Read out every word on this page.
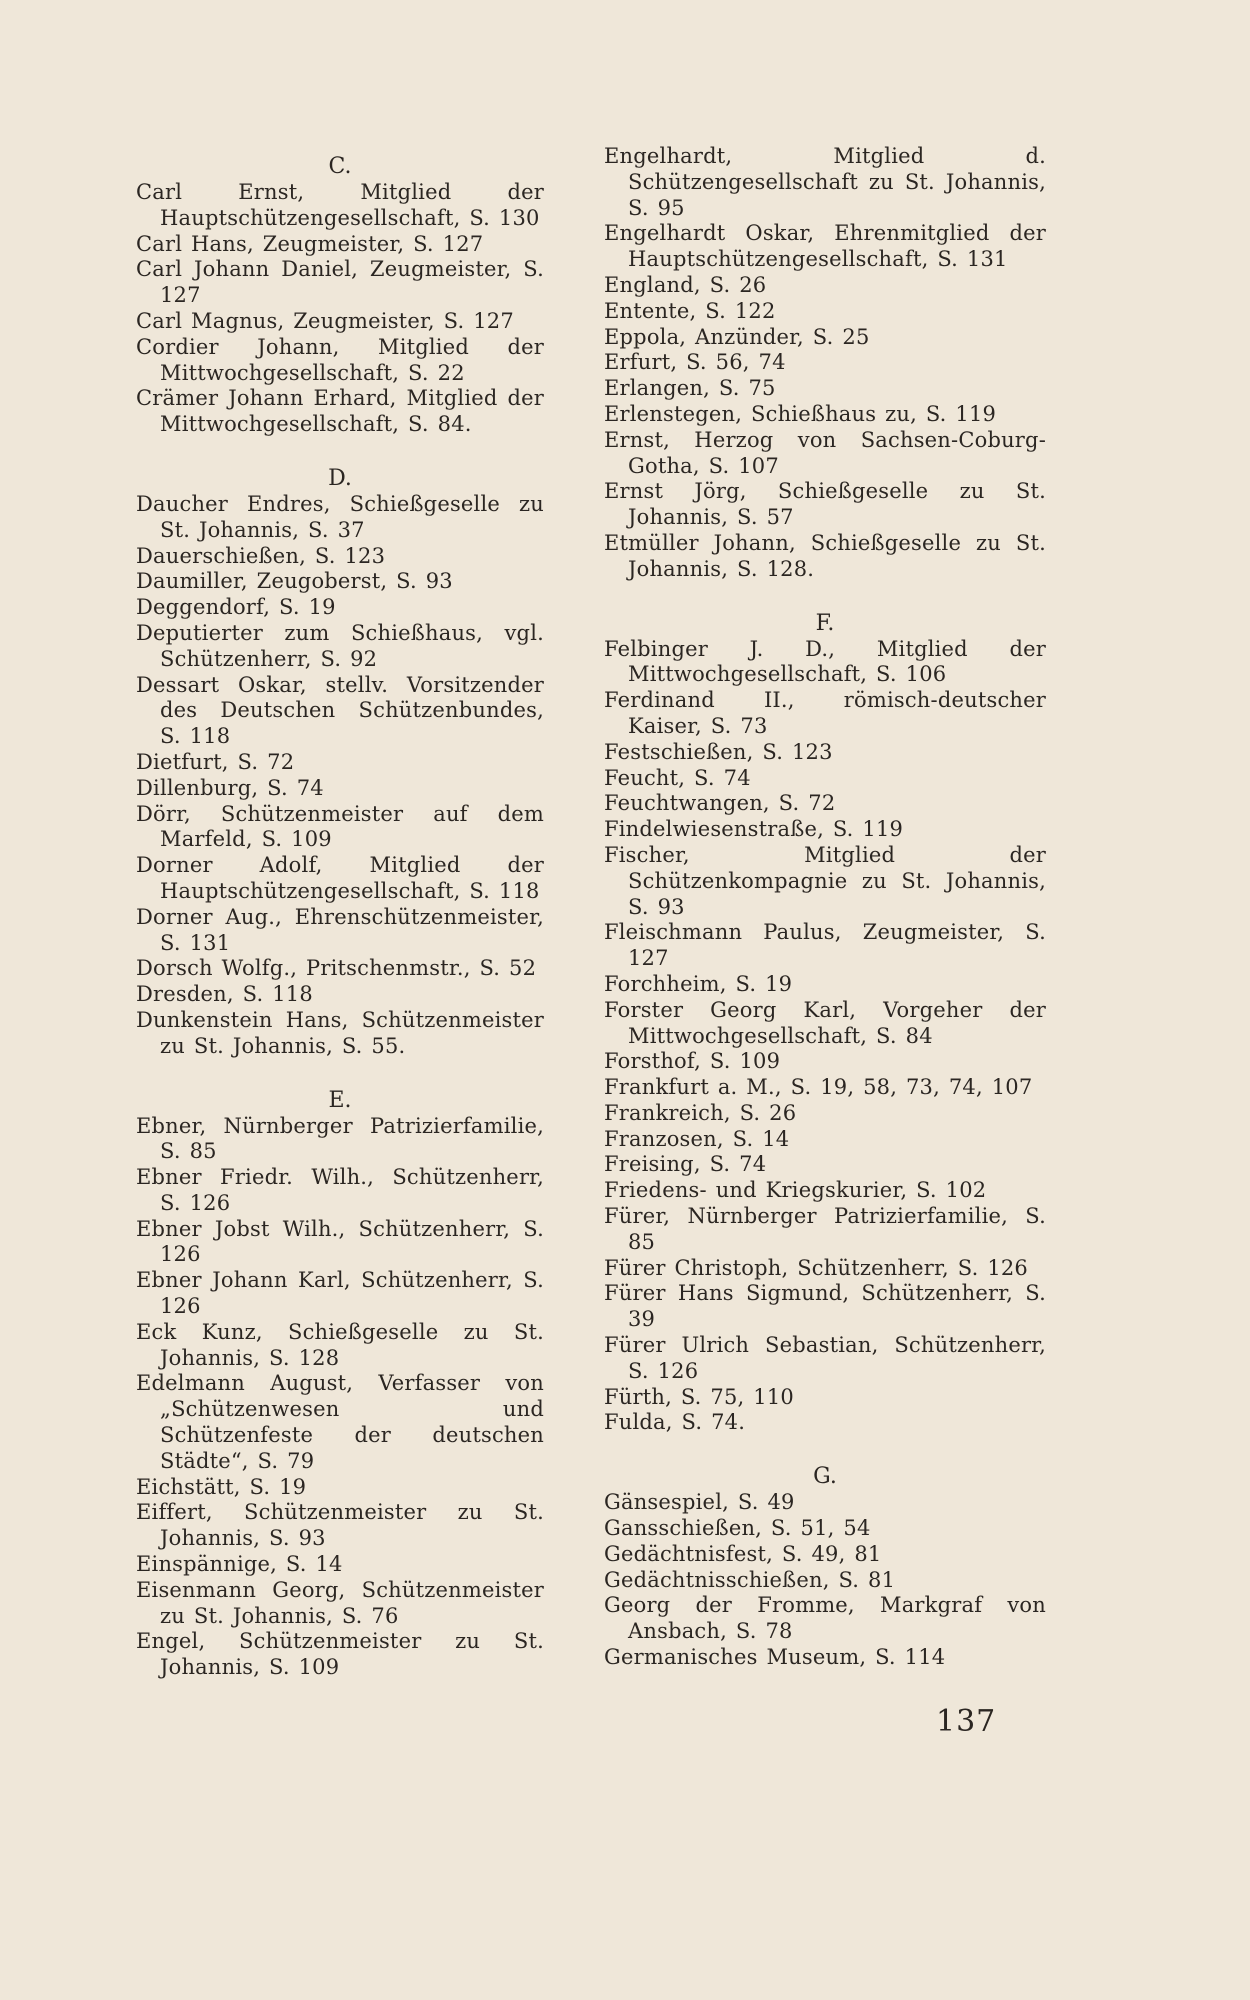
C.
Carl Ernst, Mitglied der Hauptschützengesellschaft, S. 130
Carl Hans, Zeugmeister, S. 127
Carl Johann Daniel, Zeugmeister, S. 127
Carl Magnus, Zeugmeister, S. 127
Cordier Johann, Mitglied der Mittwochgesellschaft, S. 22
Crämer Johann Erhard, Mitglied der Mittwochgesellschaft, S. 84.
D.
Daucher Endres, Schießgeselle zu St. Johannis, S. 37
Dauerschießen, S. 123
Daumiller, Zeugoberst, S. 93
Deggendorf, S. 19
Deputierter zum Schießhaus, vgl. Schützenherr, S. 92
Dessart Oskar, stellv. Vorsitzender des Deutschen Schützenbundes, S. 118
Dietfurt, S. 72
Dillenburg, S. 74
Dörr, Schützenmeister auf dem Marfeld, S. 109
Dorner Adolf, Mitglied der Hauptschützengesellschaft, S. 118
Dorner Aug., Ehrenschützenmeister, S. 131
Dorsch Wolfg., Pritschenmstr., S. 52
Dresden, S. 118
Dunkenstein Hans, Schützenmeister zu St. Johannis, S. 55.
E.
Ebner, Nürnberger Patrizierfamilie, S. 85
Ebner Friedr. Wilh., Schützenherr, S. 126
Ebner Jobst Wilh., Schützenherr, S. 126
Ebner Johann Karl, Schützenherr, S. 126
Eck Kunz, Schießgeselle zu St. Johannis, S. 128
Edelmann August, Verfasser von „Schützenwesen und Schützenfeste der deutschen Städte“, S. 79
Eichstätt, S. 19
Eiffert, Schützenmeister zu St. Johannis, S. 93
Einspännige, S. 14
Eisenmann Georg, Schützenmeister zu St. Johannis, S. 76
Engel, Schützenmeister zu St. Johannis, S. 109
Engelhardt, Mitglied d. Schützengesellschaft zu St. Johannis, S. 95
Engelhardt Oskar, Ehrenmitglied der Hauptschützengesellschaft, S. 131
England, S. 26
Entente, S. 122
Eppola, Anzünder, S. 25
Erfurt, S. 56, 74
Erlangen, S. 75
Erlenstegen, Schießhaus zu, S. 119
Ernst, Herzog von Sachsen-Coburg-Gotha, S. 107
Ernst Jörg, Schießgeselle zu St. Johannis, S. 57
Etmüller Johann, Schießgeselle zu St. Johannis, S. 128.
F.
Felbinger J. D., Mitglied der Mittwochgesellschaft, S. 106
Ferdinand II., römisch-deutscher Kaiser, S. 73
Festschießen, S. 123
Feucht, S. 74
Feuchtwangen, S. 72
Findelwiesenstraße, S. 119
Fischer, Mitglied der Schützenkompagnie zu St. Johannis, S. 93
Fleischmann Paulus, Zeugmeister, S. 127
Forchheim, S. 19
Forster Georg Karl, Vorgeher der Mittwochgesellschaft, S. 84
Forsthof, S. 109
Frankfurt a. M., S. 19, 58, 73, 74, 107
Frankreich, S. 26
Franzosen, S. 14
Freising, S. 74
Friedens- und Kriegskurier, S. 102
Fürer, Nürnberger Patrizierfamilie, S. 85
Fürer Christoph, Schützenherr, S. 126
Fürer Hans Sigmund, Schützenherr, S. 39
Fürer Ulrich Sebastian, Schützenherr, S. 126
Fürth, S. 75, 110
Fulda, S. 74.
G.
Gänsespiel, S. 49
Gansschießen, S. 51, 54
Gedächtnisfest, S. 49, 81
Gedächtnisschießen, S. 81
Georg der Fromme, Markgraf von Ansbach, S. 78
Germanisches Museum, S. 114
137
